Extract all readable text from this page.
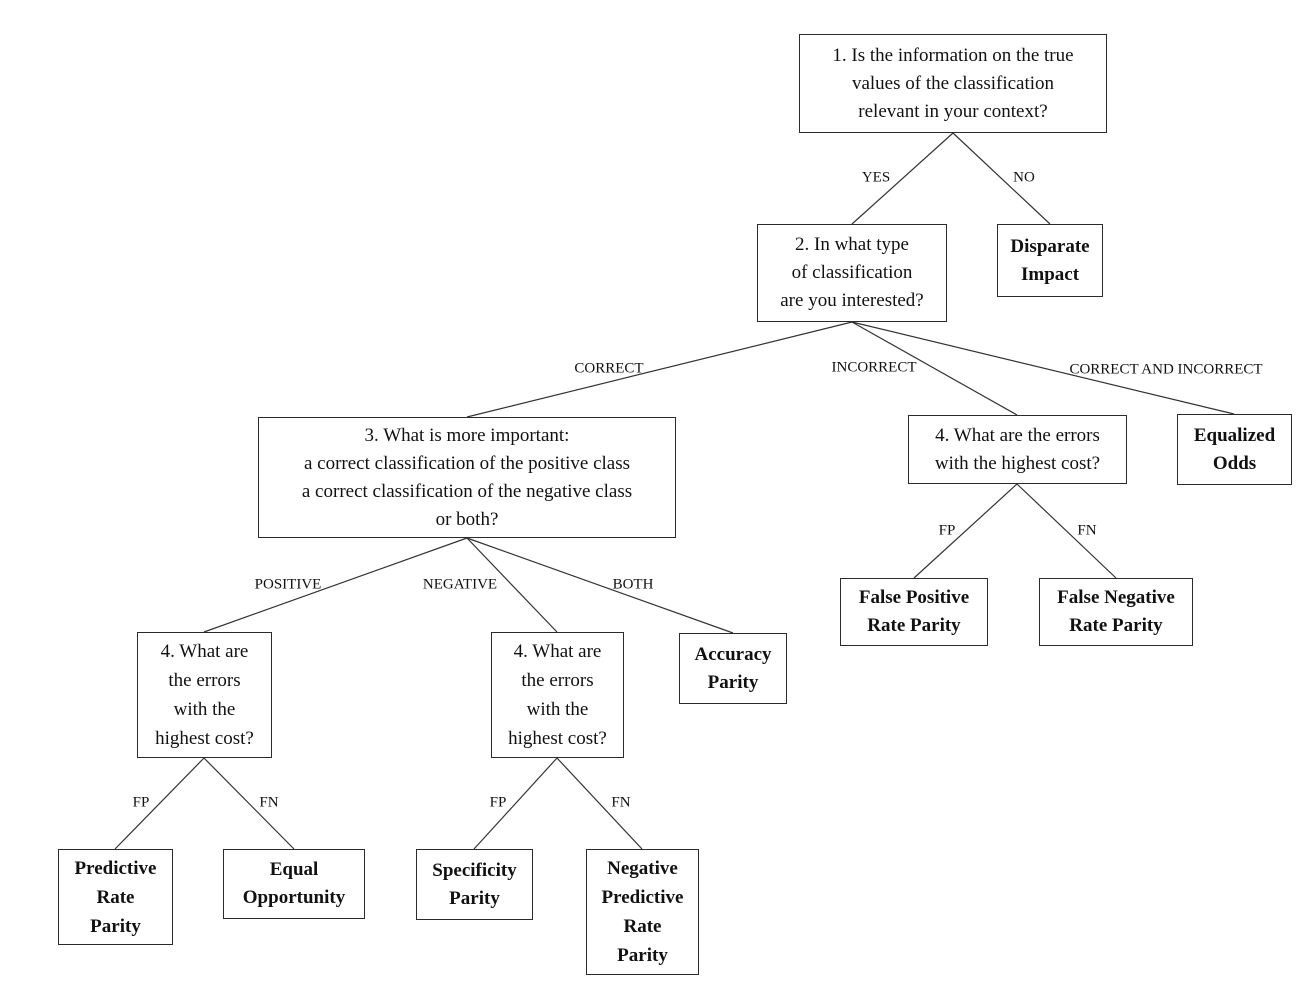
1. Is the information on the true
values of the classification
relevant in your context?
2. In what type
of classification
are you interested?
Disparate
Impact
3. What is more important:
a correct classification of the positive class
a correct classification of the negative class
or both?
4. What are the errors
with the highest cost?
Equalized
Odds
False Positive
Rate Parity
False Negative
Rate Parity
4. What are
the errors
with the
highest cost?
4. What are
the errors
with the
highest cost?
Accuracy
Parity
Predictive
Rate
Parity
Equal
Opportunity
Specificity
Parity
Negative
Predictive
Rate
Parity
YES	NO
CORRECT	INCORRECT	CORRECT AND INCORRECT
POSITIVE	NEGATIVE	BOTH
FP	FN
FP	FN	FP	FN
